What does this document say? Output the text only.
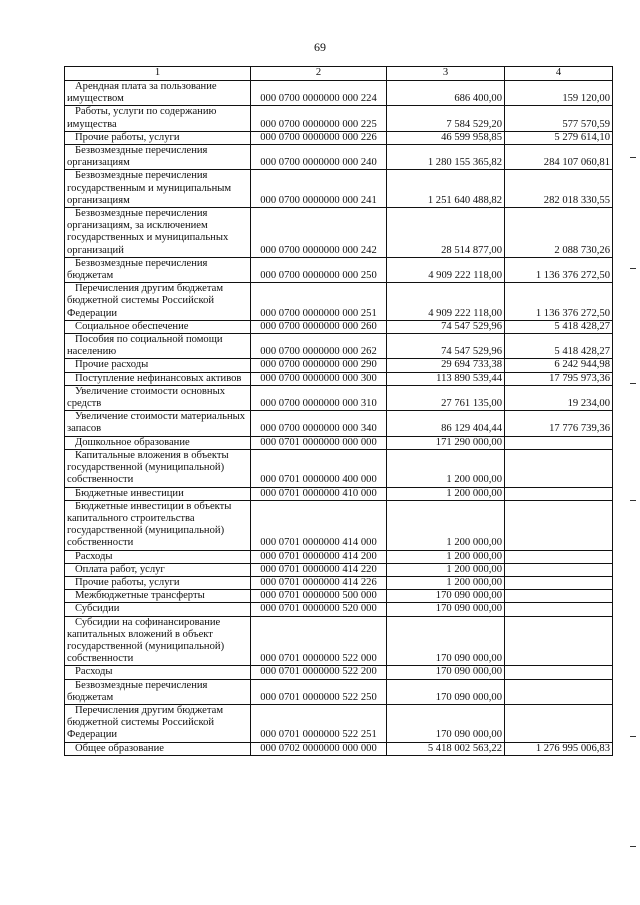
69
1	2	3	4
Арендная плата за пользование имуществом	000 0700 0000000 000 224	686 400,00	159 120,00
Работы, услуги по содержанию имущества	000 0700 0000000 000 225	7 584 529,20	577 570,59
Прочие работы, услуги	000 0700 0000000 000 226	46 599 958,85	5 279 614,10
Безвозмездные перечисления организациям	000 0700 0000000 000 240	1 280 155 365,82	284 107 060,81
Безвозмездные перечисления государственным и муниципальным организациям	000 0700 0000000 000 241	1 251 640 488,82	282 018 330,55
Безвозмездные перечисления организациям, за исключением государственных и муниципальных организаций	000 0700 0000000 000 242	28 514 877,00	2 088 730,26
Безвозмездные перечисления бюджетам	000 0700 0000000 000 250	4 909 222 118,00	1 136 376 272,50
Перечисления другим бюджетам бюджетной системы Российской Федерации	000 0700 0000000 000 251	4 909 222 118,00	1 136 376 272,50
Социальное обеспечение	000 0700 0000000 000 260	74 547 529,96	5 418 428,27
Пособия по социальной помощи населению	000 0700 0000000 000 262	74 547 529,96	5 418 428,27
Прочие расходы	000 0700 0000000 000 290	29 694 733,38	6 242 944,98
Поступление нефинансовых активов	000 0700 0000000 000 300	113 890 539,44	17 795 973,36
Увеличение стоимости основных средств	000 0700 0000000 000 310	27 761 135,00	19 234,00
Увеличение стоимости материальных запасов	000 0700 0000000 000 340	86 129 404,44	17 776 739,36
Дошкольное образование	000 0701 0000000 000 000	171 290 000,00	
Капитальные вложения в объекты государственной (муниципальной) собственности	000 0701 0000000 400 000	1 200 000,00	
Бюджетные инвестиции	000 0701 0000000 410 000	1 200 000,00	
Бюджетные инвестиции в объекты капитального строительства государственной (муниципальной) собственности	000 0701 0000000 414 000	1 200 000,00	
Расходы	000 0701 0000000 414 200	1 200 000,00	
Оплата работ, услуг	000 0701 0000000 414 220	1 200 000,00	
Прочие работы, услуги	000 0701 0000000 414 226	1 200 000,00	
Межбюджетные трансферты	000 0701 0000000 500 000	170 090 000,00	
Субсидии	000 0701 0000000 520 000	170 090 000,00	
Субсидии на софинансирование капитальных вложений в объект государственной (муниципальной) собственности	000 0701 0000000 522 000	170 090 000,00	
Расходы	000 0701 0000000 522 200	170 090 000,00	
Безвозмездные перечисления бюджетам	000 0701 0000000 522 250	170 090 000,00	
Перечисления другим бюджетам бюджетной системы Российской Федерации	000 0701 0000000 522 251	170 090 000,00	
Общее образование	000 0702 0000000 000 000	5 418 002 563,22	1 276 995 006,83
